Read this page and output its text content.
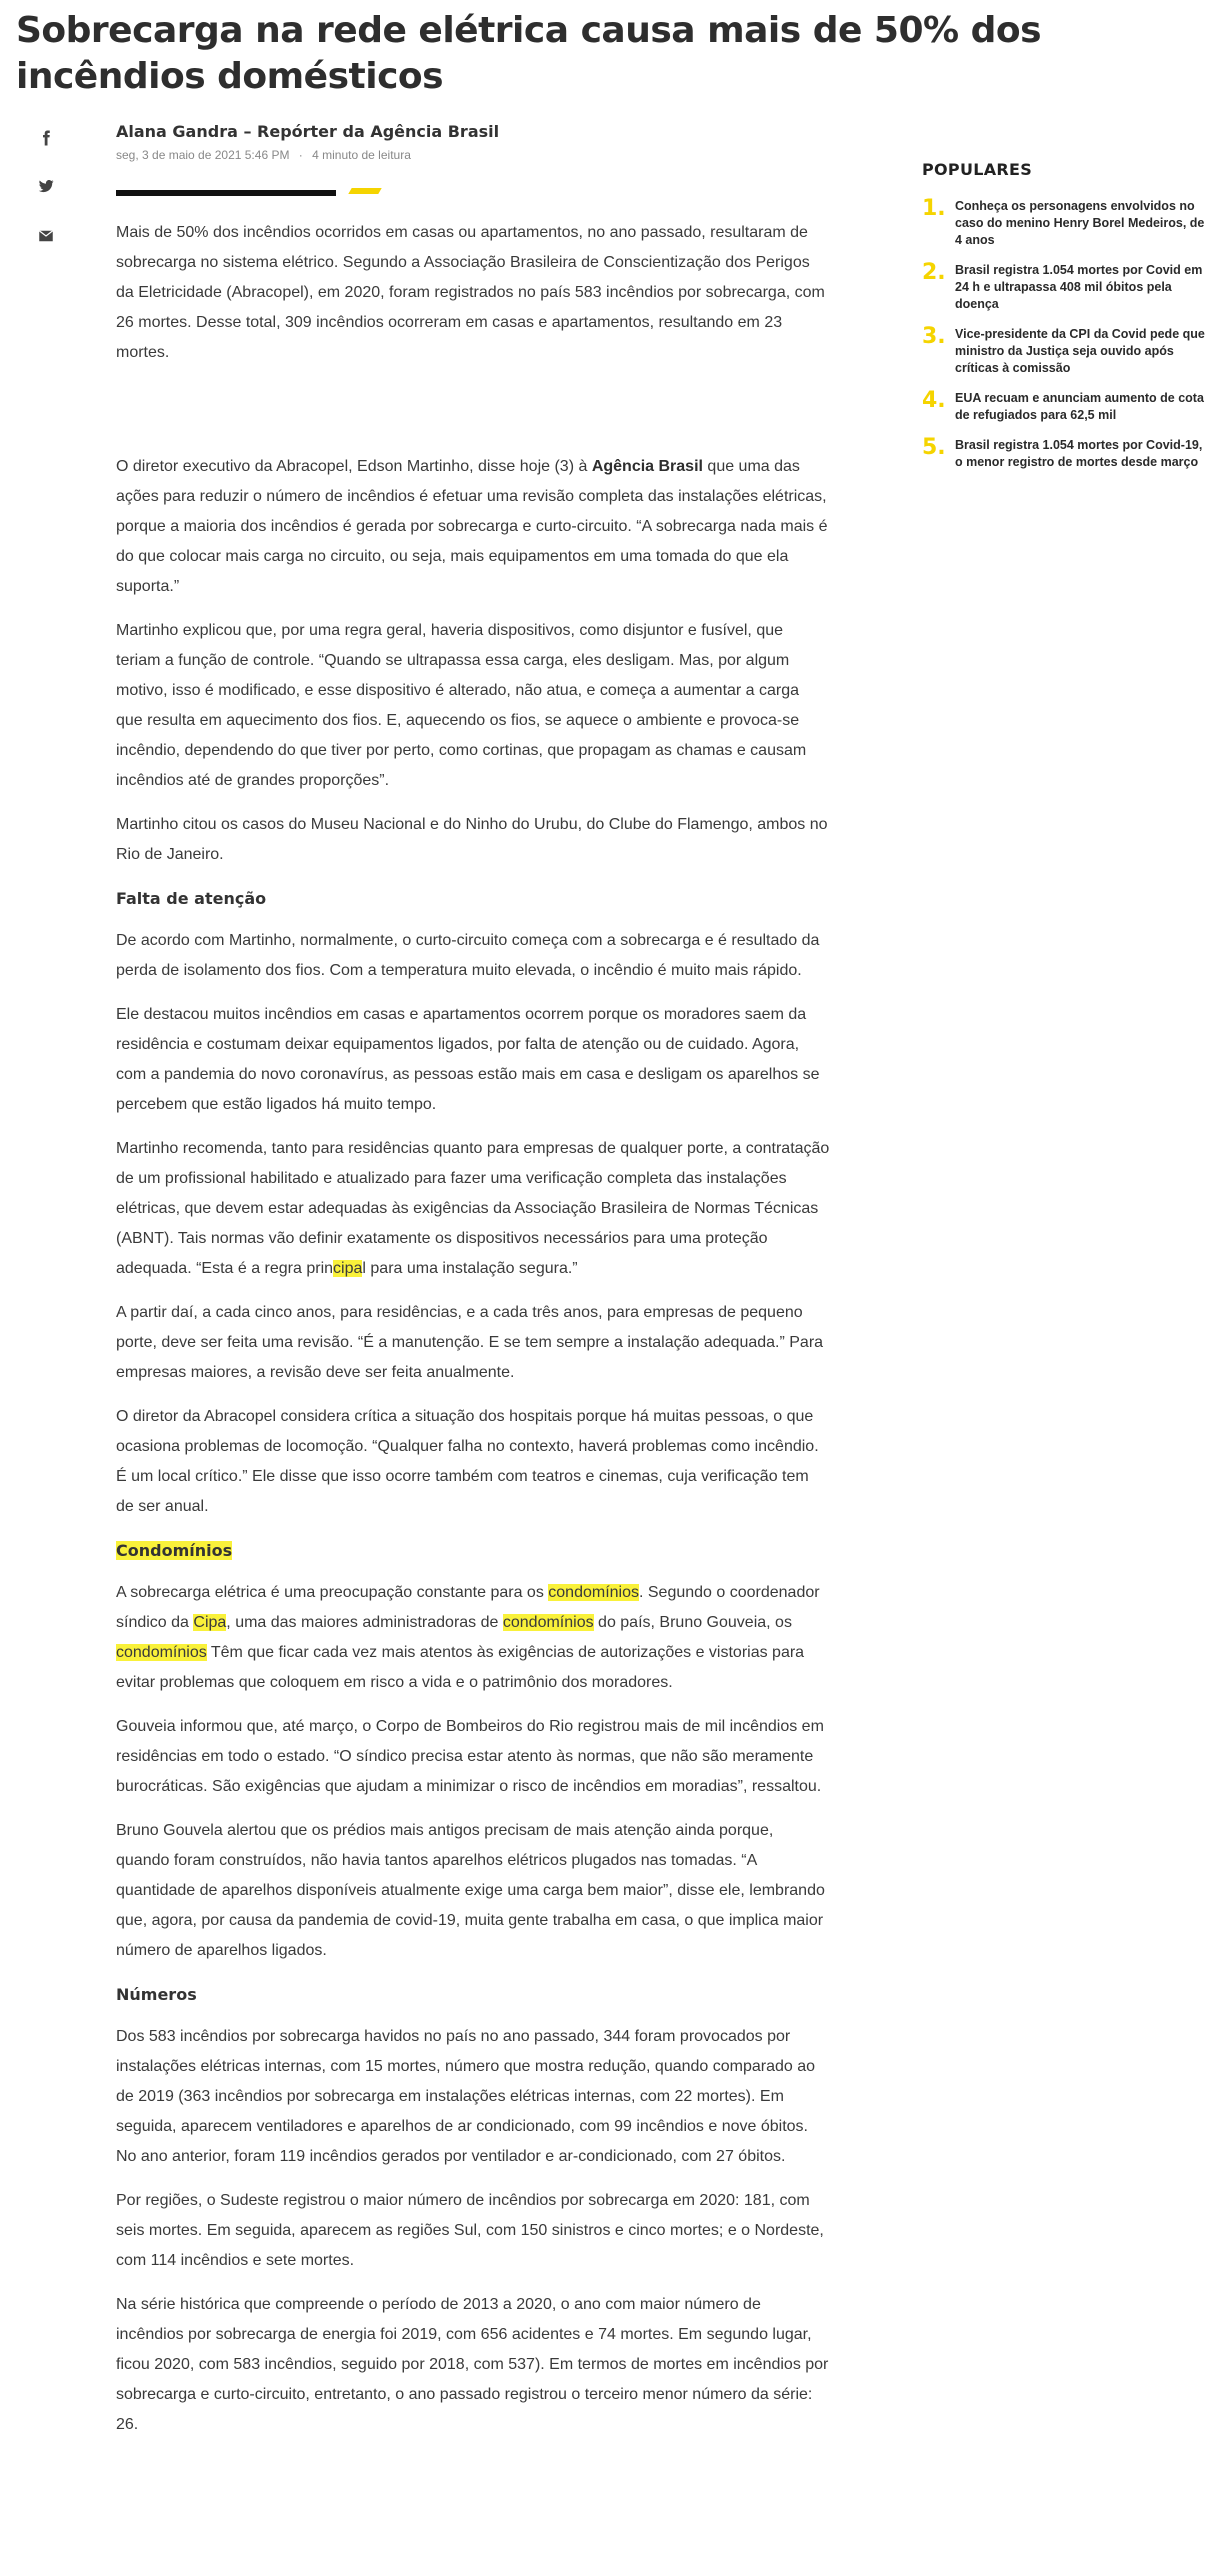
Sobrecarga na rede elétrica causa mais de 50% dos incêndios domésticos
Alana Gandra – Repórter da Agência Brasil
seg, 3 de maio de 2021 5:46 PM · 4 minuto de leitura

Mais de 50% dos incêndios ocorridos em casas ou apartamentos, no ano passado, resultaram de sobrecarga no sistema elétrico. Segundo a Associação Brasileira de Conscientização dos Perigos da Eletricidade (Abracopel), em 2020, foram registrados no país 583 incêndios por sobrecarga, com 26 mortes. Desse total, 309 incêndios ocorreram em casas e apartamentos, resultando em 23 mortes.

O diretor executivo da Abracopel, Edson Martinho, disse hoje (3) à Agência Brasil que uma das ações para reduzir o número de incêndios é efetuar uma revisão completa das instalações elétricas, porque a maioria dos incêndios é gerada por sobrecarga e curto-circuito. “A sobrecarga nada mais é do que colocar mais carga no circuito, ou seja, mais equipamentos em uma tomada do que ela suporta.”

Martinho explicou que, por uma regra geral, haveria dispositivos, como disjuntor e fusível, que teriam a função de controle. “Quando se ultrapassa essa carga, eles desligam. Mas, por algum motivo, isso é modificado, e esse dispositivo é alterado, não atua, e começa a aumentar a carga que resulta em aquecimento dos fios. E, aquecendo os fios, se aquece o ambiente e provoca-se incêndio, dependendo do que tiver por perto, como cortinas, que propagam as chamas e causam incêndios até de grandes proporções”.

Martinho citou os casos do Museu Nacional e do Ninho do Urubu, do Clube do Flamengo, ambos no Rio de Janeiro.

Falta de atenção

De acordo com Martinho, normalmente, o curto-circuito começa com a sobrecarga e é resultado da perda de isolamento dos fios. Com a temperatura muito elevada, o incêndio é muito mais rápido.

Ele destacou muitos incêndios em casas e apartamentos ocorrem porque os moradores saem da residência e costumam deixar equipamentos ligados, por falta de atenção ou de cuidado. Agora, com a pandemia do novo coronavírus, as pessoas estão mais em casa e desligam os aparelhos se percebem que estão ligados há muito tempo.

Martinho recomenda, tanto para residências quanto para empresas de qualquer porte, a contratação de um profissional habilitado e atualizado para fazer uma verificação completa das instalações elétricas, que devem estar adequadas às exigências da Associação Brasileira de Normas Técnicas (ABNT). Tais normas vão definir exatamente os dispositivos necessários para uma proteção adequada. “Esta é a regra principal para uma instalação segura.”

A partir daí, a cada cinco anos, para residências, e a cada três anos, para empresas de pequeno porte, deve ser feita uma revisão. “É a manutenção. E se tem sempre a instalação adequada.” Para empresas maiores, a revisão deve ser feita anualmente.

O diretor da Abracopel considera crítica a situação dos hospitais porque há muitas pessoas, o que ocasiona problemas de locomoção. “Qualquer falha no contexto, haverá problemas como incêndio. É um local crítico.” Ele disse que isso ocorre também com teatros e cinemas, cuja verificação tem de ser anual.

Condomínios

A sobrecarga elétrica é uma preocupação constante para os condomínios. Segundo o coordenador síndico da Cipa, uma das maiores administradoras de condomínios do país, Bruno Gouveia, os condomínios Têm que ficar cada vez mais atentos às exigências de autorizações e vistorias para evitar problemas que coloquem em risco a vida e o patrimônio dos moradores.

Gouveia informou que, até março, o Corpo de Bombeiros do Rio registrou mais de mil incêndios em residências em todo o estado. “O síndico precisa estar atento às normas, que não são meramente burocráticas. São exigências que ajudam a minimizar o risco de incêndios em moradias”, ressaltou.

Bruno Gouvela alertou que os prédios mais antigos precisam de mais atenção ainda porque, quando foram construídos, não havia tantos aparelhos elétricos plugados nas tomadas. “A quantidade de aparelhos disponíveis atualmente exige uma carga bem maior”, disse ele, lembrando que, agora, por causa da pandemia de covid-19, muita gente trabalha em casa, o que implica maior número de aparelhos ligados.

Números

Dos 583 incêndios por sobrecarga havidos no país no ano passado, 344 foram provocados por instalações elétricas internas, com 15 mortes, número que mostra redução, quando comparado ao de 2019 (363 incêndios por sobrecarga em instalações elétricas internas, com 22 mortes). Em seguida, aparecem ventiladores e aparelhos de ar condicionado, com 99 incêndios e nove óbitos. No ano anterior, foram 119 incêndios gerados por ventilador e ar-condicionado, com 27 óbitos.

Por regiões, o Sudeste registrou o maior número de incêndios por sobrecarga em 2020: 181, com seis mortes. Em seguida, aparecem as regiões Sul, com 150 sinistros e cinco mortes; e o Nordeste, com 114 incêndios e sete mortes.

Na série histórica que compreende o período de 2013 a 2020, o ano com maior número de incêndios por sobrecarga de energia foi 2019, com 656 acidentes e 74 mortes. Em segundo lugar, ficou 2020, com 583 incêndios, seguido por 2018, com 537). Em termos de mortes em incêndios por sobrecarga e curto-circuito, entretanto, o ano passado registrou o terceiro menor número da série: 26.

POPULARES
1. Conheça os personagens envolvidos no caso do menino Henry Borel Medeiros, de 4 anos
2. Brasil registra 1.054 mortes por Covid em 24 h e ultrapassa 408 mil óbitos pela doença
3. Vice-presidente da CPI da Covid pede que ministro da Justiça seja ouvido após críticas à comissão
4. EUA recuam e anunciam aumento de cota de refugiados para 62,5 mil
5. Brasil registra 1.054 mortes por Covid-19, o menor registro de mortes desde março
